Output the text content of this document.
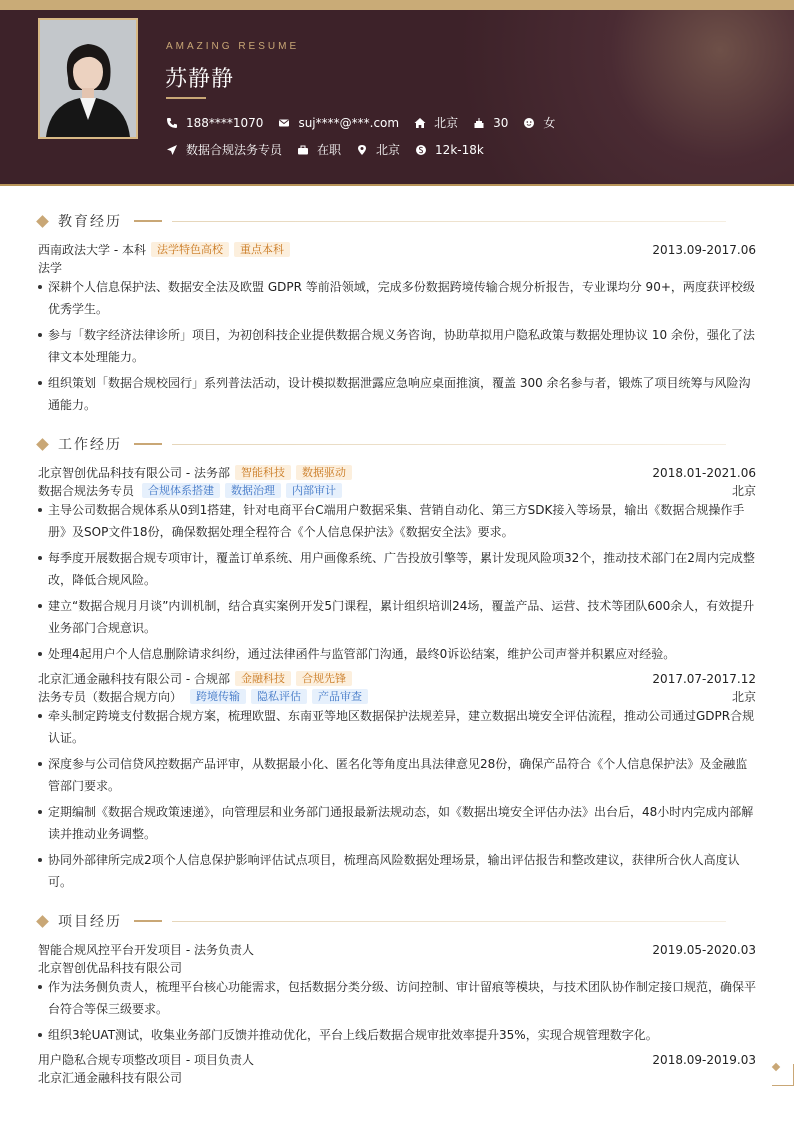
AMAZING RESUME
苏静静
188****1070	suj****@***.com	北京	30	女
数据合规法务专员	在职	北京	12k-18k
教育经历
西南政法大学 - 本科	法学特色高校	重点本科	2013.09-2017.06
法学
深耕个人信息保护法、数据安全法及欧盟 GDPR 等前沿领域，完成多份数据跨境传输合规分析报告，专业课均分 90+，两度获评校级优秀学生。
参与「数字经济法律诊所」项目，为初创科技企业提供数据合规义务咨询，协助草拟用户隐私政策与数据处理协议 10 余份，强化了法律文本处理能力。
组织策划「数据合规校园行」系列普法活动，设计模拟数据泄露应急响应桌面推演，覆盖 300 余名参与者，锻炼了项目统筹与风险沟通能力。
工作经历
北京智创优品科技有限公司 - 法务部	智能科技	数据驱动	2018.01-2021.06
数据合规法务专员	合规体系搭建	数据治理	内部审计	北京
主导公司数据合规体系从0到1搭建，针对电商平台C端用户数据采集、营销自动化、第三方SDK接入等场景，输出《数据合规操作手册》及SOP文件18份，确保数据处理全程符合《个人信息保护法》《数据安全法》要求。
每季度开展数据合规专项审计，覆盖订单系统、用户画像系统、广告投放引擎等，累计发现风险项32个，推动技术部门在2周内完成整改，降低合规风险。
建立“数据合规月月谈”内训机制，结合真实案例开发5门课程，累计组织培训24场，覆盖产品、运营、技术等团队600余人，有效提升业务部门合规意识。
处理4起用户个人信息删除请求纠纷，通过法律函件与监管部门沟通，最终0诉讼结案，维护公司声誉并积累应对经验。
北京汇通金融科技有限公司 - 合规部	金融科技	合规先锋	2017.07-2017.12
法务专员（数据合规方向）	跨境传输	隐私评估	产品审查	北京
牵头制定跨境支付数据合规方案，梳理欧盟、东南亚等地区数据保护法规差异，建立数据出境安全评估流程，推动公司通过GDPR合规认证。
深度参与公司信贷风控数据产品评审，从数据最小化、匿名化等角度出具法律意见28份，确保产品符合《个人信息保护法》及金融监管部门要求。
定期编制《数据合规政策速递》，向管理层和业务部门通报最新法规动态，如《数据出境安全评估办法》出台后，48小时内完成内部解读并推动业务调整。
协同外部律所完成2项个人信息保护影响评估试点项目，梳理高风险数据处理场景，输出评估报告和整改建议，获律所合伙人高度认可。
项目经历
智能合规风控平台开发项目 - 法务负责人	2019.05-2020.03
北京智创优品科技有限公司
作为法务侧负责人，梳理平台核心功能需求，包括数据分类分级、访问控制、审计留痕等模块，与技术团队协作制定接口规范，确保平台符合等保三级要求。
组织3轮UAT测试，收集业务部门反馈并推动优化，平台上线后数据合规审批效率提升35%，实现合规管理数字化。
用户隐私合规专项整改项目 - 项目负责人	2018.09-2019.03
北京汇通金融科技有限公司
